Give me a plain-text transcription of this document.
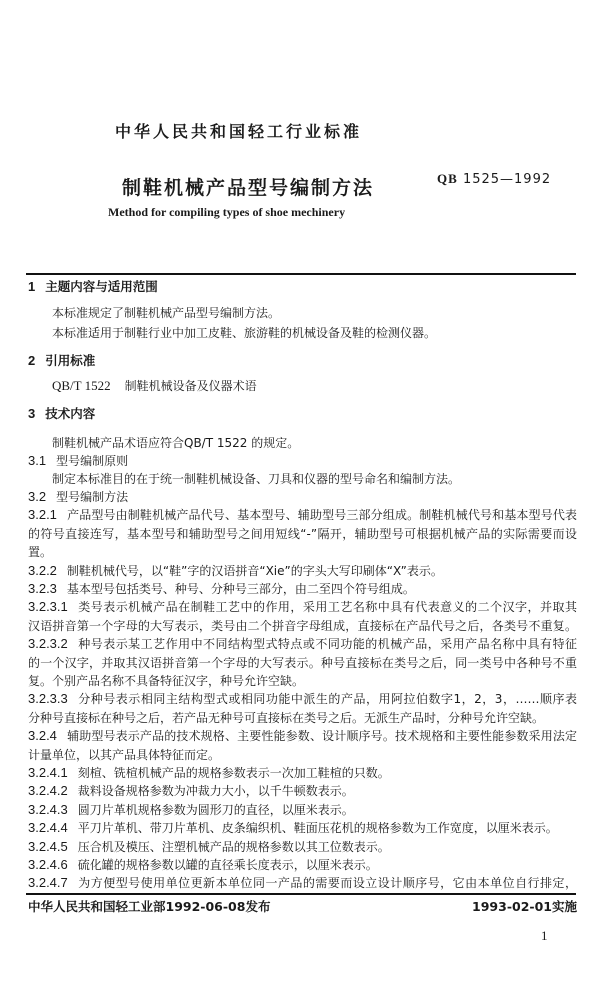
中华人民共和国轻工行业标准
制鞋机械产品型号编制方法	QB 1525—1992
Method for compiling types of shoe mechinery
1 主题内容与适用范围
本标准规定了制鞋机械产品型号编制方法。
本标准适用于制鞋行业中加工皮鞋、旅游鞋的机械设备及鞋的检测仪器。
2 引用标准
QB/T 1522 制鞋机械设备及仪器术语
3 技术内容
制鞋机械产品术语应符合QB/T 1522 的规定。
3.1 型号编制原则
制定本标准目的在于统一制鞋机械设备、刀具和仪器的型号命名和编制方法。
3.2 型号编制方法
3.2.1 产品型号由制鞋机械产品代号、基本型号、辅助型号三部分组成。制鞋机械代号和基本型号代表
的符号直接连写，基本型号和辅助型号之间用短线“-”隔开，辅助型号可根据机械产品的实际需要而设
置。
3.2.2 制鞋机械代号，以“鞋”字的汉语拼音“Xie”的字头大写印刷体“X”表示。
3.2.3 基本型号包括类号、种号、分种号三部分，由二至四个符号组成。
3.2.3.1 类号表示机械产品在制鞋工艺中的作用，采用工艺名称中具有代表意义的二个汉字，并取其
汉语拼音第一个字母的大写表示，类号由二个拼音字母组成，直接标在产品代号之后，各类号不重复。
3.2.3.2 种号表示某工艺作用中不同结构型式特点或不同功能的机械产品，采用产品名称中具有特征
的一个汉字，并取其汉语拼音第一个字母的大写表示。种号直接标在类号之后，同一类号中各种号不重
复。个别产品名称不具备特征汉字，种号允许空缺。
3.2.3.3 分种号表示相同主结构型式或相同功能中派生的产品，用阿拉伯数字1，2，3，……顺序表
分种号直接标在种号之后，若产品无种号可直接标在类号之后。无派生产品时，分种号允许空缺。
3.2.4 辅助型号表示产品的技术规格、主要性能参数、设计顺序号。技术规格和主要性能参数采用法定
计量单位，以其产品具体特征而定。
3.2.4.1 刻楦、铣楦机械产品的规格参数表示一次加工鞋楦的只数。
3.2.4.2 裁料设备规格参数为冲裁力大小，以千牛顿数表示。
3.2.4.3 圆刀片革机规格参数为圆形刀的直径，以厘米表示。
3.2.4.4 平刀片革机、带刀片革机、皮条编织机、鞋面压花机的规格参数为工作宽度，以厘米表示。
3.2.4.5 压合机及模压、注塑机械产品的规格参数以其工位数表示。
3.2.4.6 硫化罐的规格参数以罐的直径乘长度表示，以厘米表示。
3.2.4.7 为方便型号使用单位更新本单位同一产品的需要而设立设计顺序号，它由本单位自行排定，
中华人民共和国轻工业部1992-06-08发布	1993-02-01实施
1
